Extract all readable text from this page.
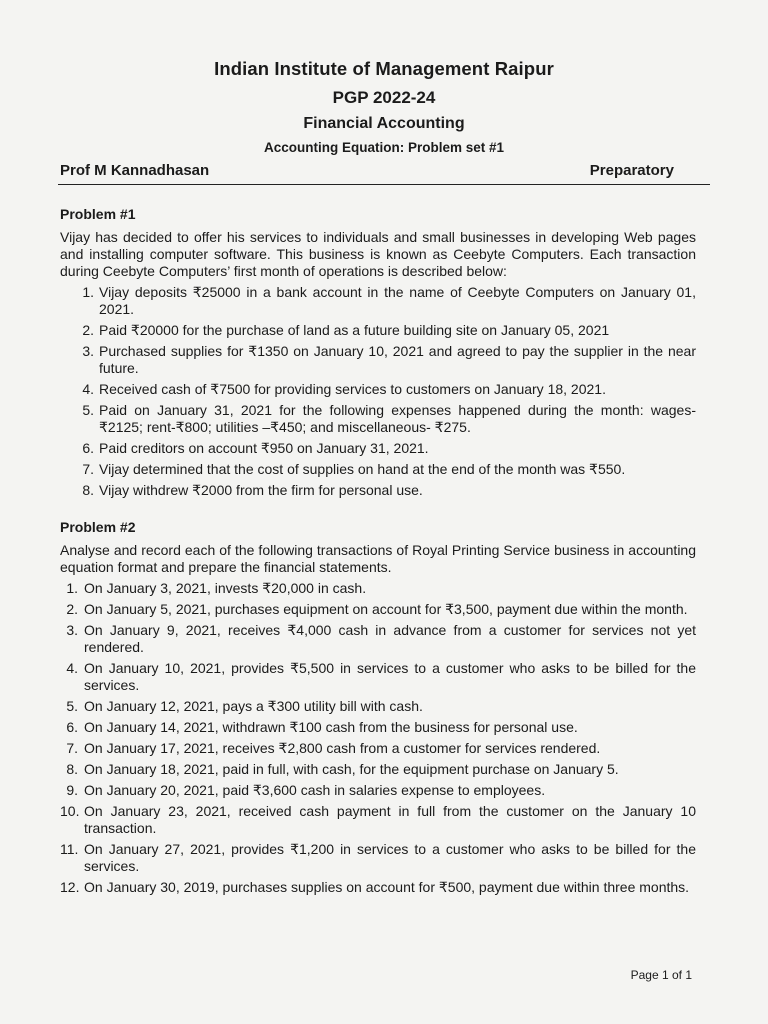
Indian Institute of Management Raipur
PGP 2022-24
Financial Accounting
Accounting Equation: Problem set #1
Prof M Kannadhasan	Preparatory
Problem #1
Vijay has decided to offer his services to individuals and small businesses in developing Web pages and installing computer software. This business is known as Ceebyte Computers. Each transaction during Ceebyte Computers’ first month of operations is described below:
1. Vijay deposits ₹25000 in a bank account in the name of Ceebyte Computers on January 01, 2021.
2. Paid ₹20000 for the purchase of land as a future building site on January 05, 2021
3. Purchased supplies for ₹1350 on January 10, 2021 and agreed to pay the supplier in the near future.
4. Received cash of ₹7500 for providing services to customers on January 18, 2021.
5. Paid on January 31, 2021 for the following expenses happened during the month: wages-₹2125; rent-₹800; utilities –₹450; and miscellaneous- ₹275.
6. Paid creditors on account ₹950 on January 31, 2021.
7. Vijay determined that the cost of supplies on hand at the end of the month was ₹550.
8. Vijay withdrew ₹2000 from the firm for personal use.
Problem #2
Analyse and record each of the following transactions of Royal Printing Service business in accounting equation format and prepare the financial statements.
1. On January 3, 2021, invests ₹20,000 in cash.
2. On January 5, 2021, purchases equipment on account for ₹3,500, payment due within the month.
3. On January 9, 2021, receives ₹4,000 cash in advance from a customer for services not yet rendered.
4. On January 10, 2021, provides ₹5,500 in services to a customer who asks to be billed for the services.
5. On January 12, 2021, pays a ₹300 utility bill with cash.
6. On January 14, 2021, withdrawn ₹100 cash from the business for personal use.
7. On January 17, 2021, receives ₹2,800 cash from a customer for services rendered.
8. On January 18, 2021, paid in full, with cash, for the equipment purchase on January 5.
9. On January 20, 2021, paid ₹3,600 cash in salaries expense to employees.
10. On January 23, 2021, received cash payment in full from the customer on the January 10 transaction.
11. On January 27, 2021, provides ₹1,200 in services to a customer who asks to be billed for the services.
12. On January 30, 2019, purchases supplies on account for ₹500, payment due within three months.
Page 1 of 1
